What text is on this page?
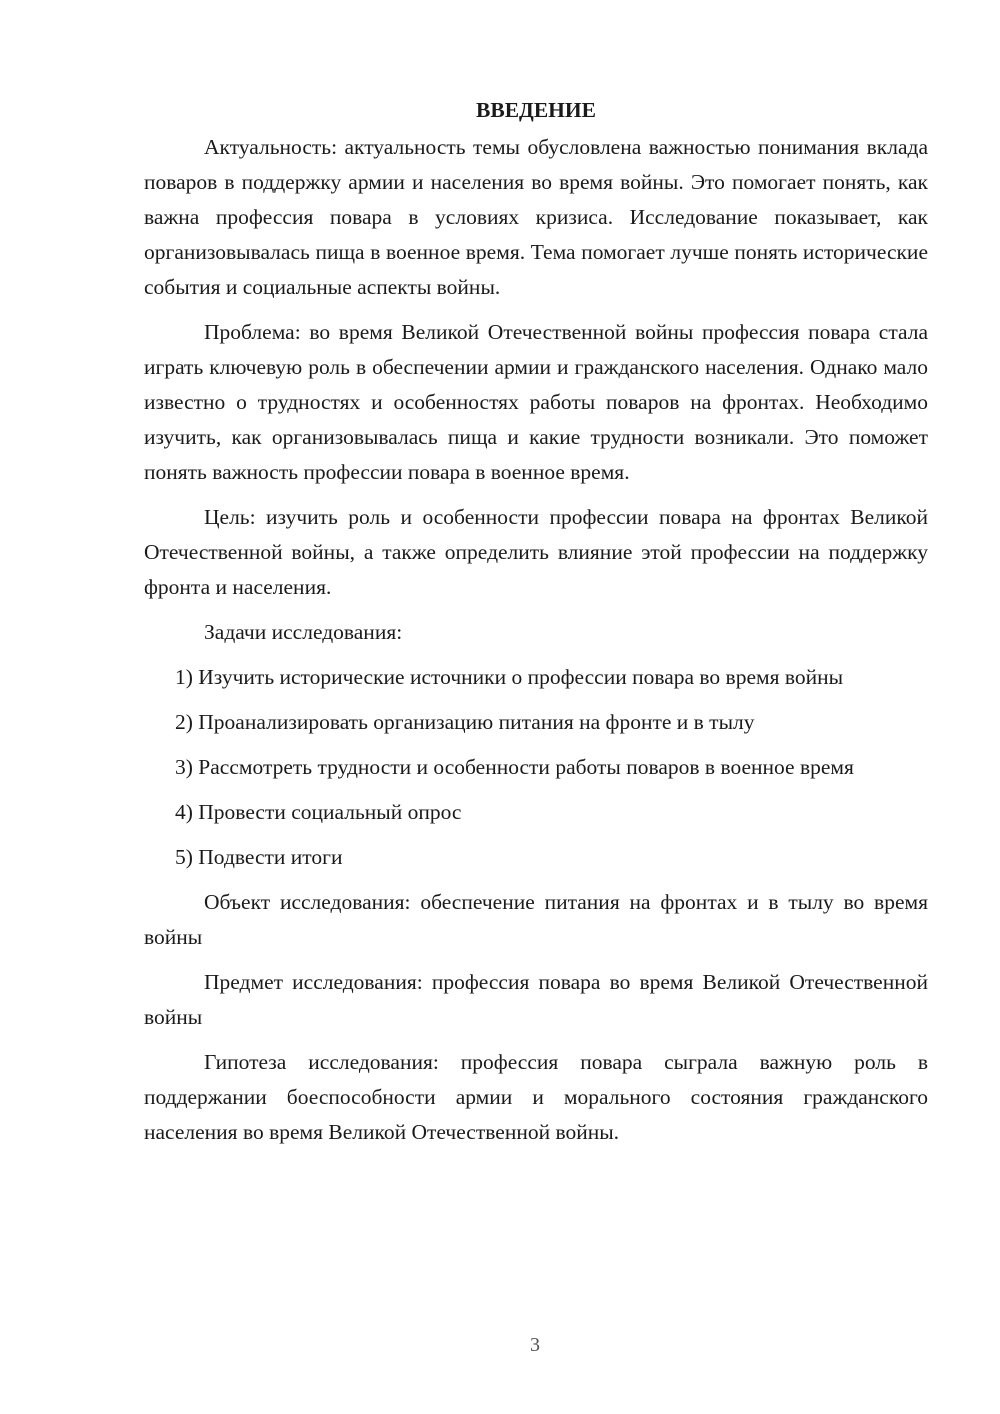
ВВЕДЕНИЕ

Актуальность: актуальность темы обусловлена важностью понимания вклада поваров в поддержку армии и населения во время войны. Это помогает понять, как важна профессия повара в условиях кризиса. Исследование показывает, как организовывалась пища в военное время. Тема помогает лучше понять исторические события и социальные аспекты войны.

Проблема: во время Великой Отечественной войны профессия повара стала играть ключевую роль в обеспечении армии и гражданского населения. Однако мало известно о трудностях и особенностях работы поваров на фронтах. Необходимо изучить, как организовывалась пища и какие трудности возникали. Это поможет понять важность профессии повара в военное время.

Цель: изучить роль и особенности профессии повара на фронтах Великой Отечественной войны, а также определить влияние этой профессии на поддержку фронта и населения.

Задачи исследования:

1) Изучить исторические источники о профессии повара во время войны

2) Проанализировать организацию питания на фронте и в тылу

3) Рассмотреть трудности и особенности работы поваров в военное время

4) Провести социальный опрос

5) Подвести итоги

Объект исследования: обеспечение питания на фронтах и в тылу во время войны

Предмет исследования: профессия повара во время Великой Отечественной войны

Гипотеза исследования: профессия повара сыграла важную роль в поддержании боеспособности армии и морального состояния гражданского населения во время Великой Отечественной войны.

3
